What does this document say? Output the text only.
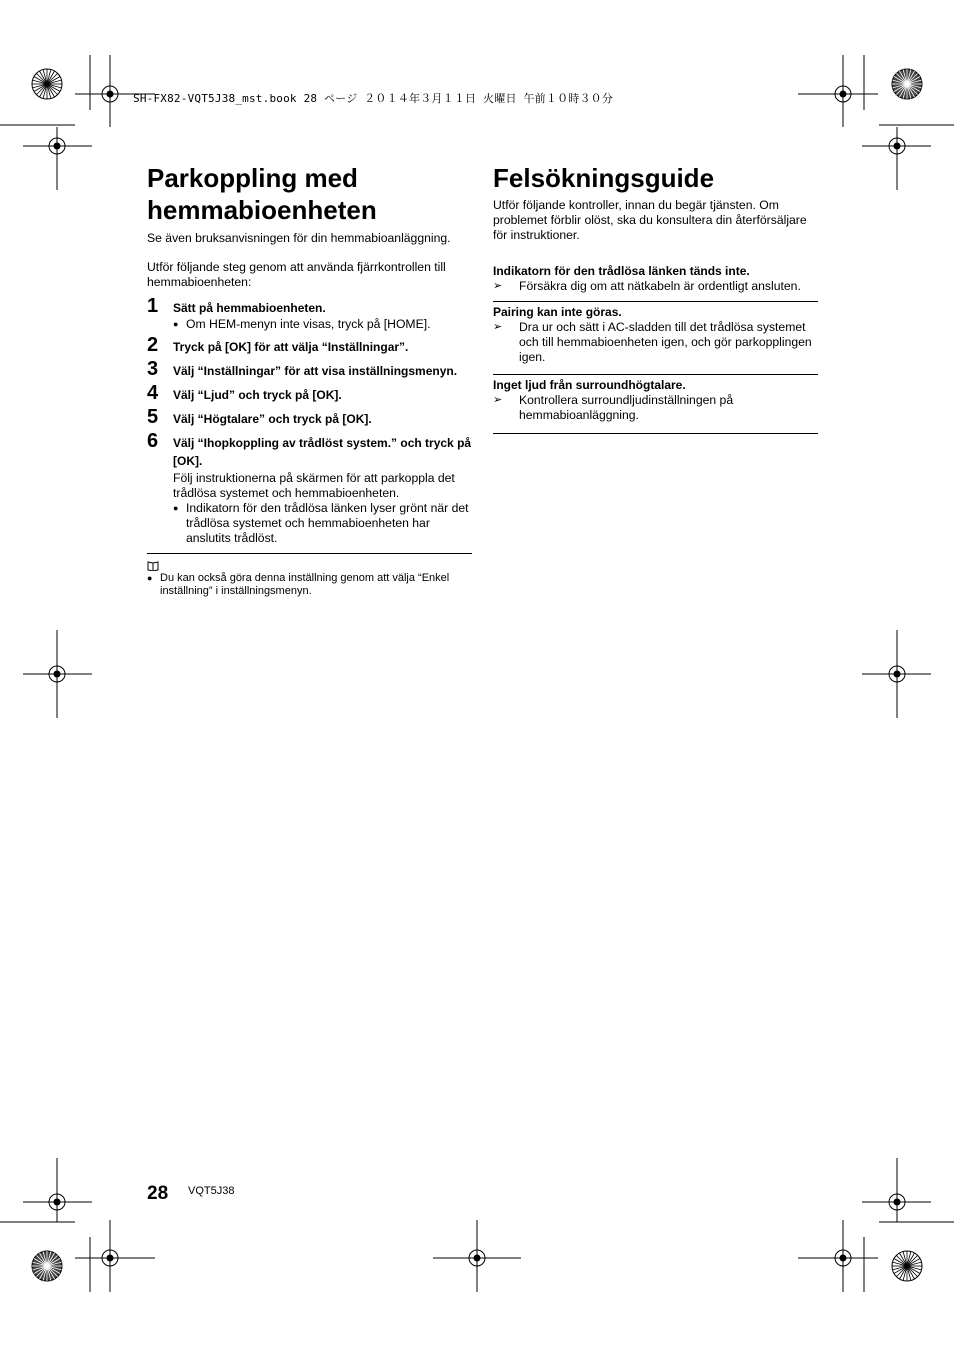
SH-FX82-VQT5J38_mst.book 28 ページ ２０１４年３月１１日 火曜日 午前１０時３０分
Parkoppling med hemmabioenheten

Se även bruksanvisningen för din hemmabioanläggning.

Utför följande steg genom att använda fjärrkontrollen till hemmabioenheten:

1 Sätt på hemmabioenheten.
● Om HEM-menyn inte visas, tryck på [HOME].
2 Tryck på [OK] för att välja “Inställningar”.
3 Välj “Inställningar” för att visa inställningsmenyn.
4 Välj “Ljud” och tryck på [OK].
5 Välj “Högtalare” och tryck på [OK].
6 Välj “Ihopkoppling av trådlöst system.” och tryck på [OK].

Följ instruktionerna på skärmen för att parkoppla det trådlösa systemet och hemmabioenheten.

● Indikatorn för den trådlösa länken lyser grönt när det trådlösa systemet och hemmabioenheten har anslutits trådlöst.
● Du kan också göra denna inställning genom att välja “Enkel inställning” i inställningsmenyn.
Felsökningsguide

Utför följande kontroller, innan du begär tjänsten. Om problemet förblir olöst, ska du konsultera din återförsäljare för instruktioner.

Indikatorn för den trådlösa länken tänds inte.
➢ Försäkra dig om att nätkabeln är ordentligt ansluten.
Pairing kan inte göras.
➢ Dra ur och sätt i AC-sladden till det trådlösa systemet och till hemmabioenheten igen, och gör parkopplingen igen.
Inget ljud från surroundhögtalare.
➢ Kontrollera surroundljudinställningen på hemmabioanläggning.
28 VQT5J38
